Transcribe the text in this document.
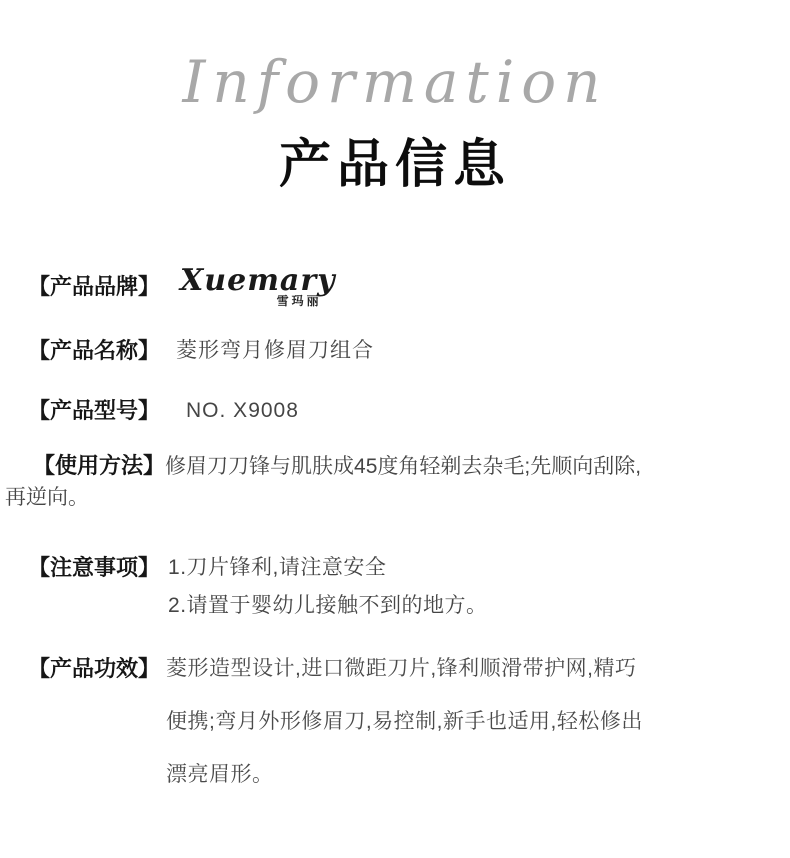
Information
产品信息
【产品品牌】 Xuemary
雪玛丽
【产品名称】 菱形弯月修眉刀组合
【产品型号】 NO. X9008

【使用方法】修眉刀刀锋与肌肤成45度角轻剃去杂毛;先顺向刮除,
再逆向。

【注意事项】 1.刀片锋利,请注意安全
2.请置于婴幼儿接触不到的地方。
【产品功效】 菱形造型设计,进口微距刀片,锋利顺滑带护网,精巧
便携;弯月外形修眉刀,易控制,新手也适用,轻松修出
漂亮眉形。
